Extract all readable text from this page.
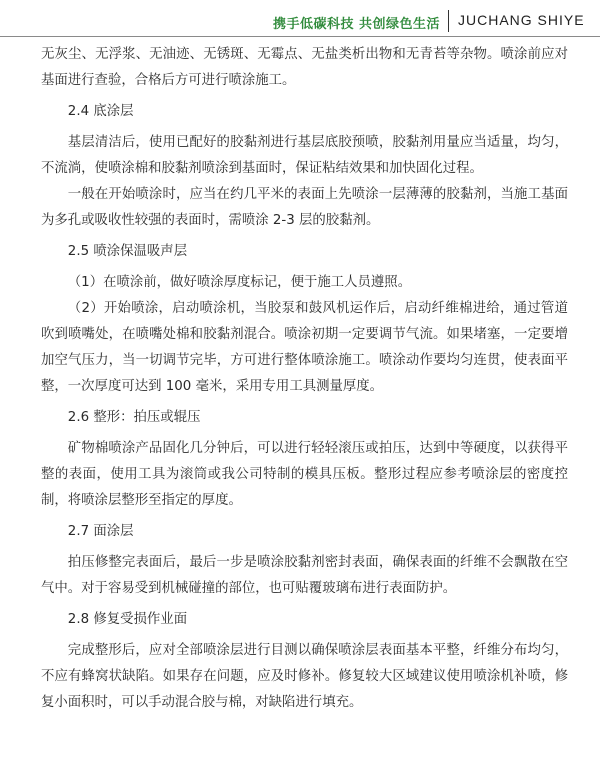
携手低碳科技 共创绿色生活 JUCHANG SHIYE

无灰尘、无浮浆、无油迹、无锈斑、无霉点、无盐类析出物和无青苔等杂物。喷涂前应对基面进行查验，合格后方可进行喷涂施工。

2.4 底涂层

基层清洁后，使用已配好的胶黏剂进行基层底胶预喷，胶黏剂用量应当适量，均匀，不流淌，使喷涂棉和胶黏剂喷涂到基面时，保证粘结效果和加快固化过程。

一般在开始喷涂时，应当在约几平米的表面上先喷涂一层薄薄的胶黏剂，当施工基面为多孔或吸收性较强的表面时，需喷涂 2-3 层的胶黏剂。

2.5 喷涂保温吸声层

（1）在喷涂前，做好喷涂厚度标记，便于施工人员遵照。

（2）开始喷涂，启动喷涂机，当胶泵和鼓风机运作后，启动纤维棉进给，通过管道吹到喷嘴处，在喷嘴处棉和胶黏剂混合。喷涂初期一定要调节气流。如果堵塞，一定要增加空气压力，当一切调节完毕，方可进行整体喷涂施工。喷涂动作要均匀连贯，使表面平整，一次厚度可达到 100 毫米，采用专用工具测量厚度。

2.6 整形：拍压或辊压

矿物棉喷涂产品固化几分钟后，可以进行轻轻滚压或拍压，达到中等硬度，以获得平整的表面，使用工具为滚筒或我公司特制的模具压板。整形过程应参考喷涂层的密度控制，将喷涂层整形至指定的厚度。

2.7 面涂层

拍压修整完表面后，最后一步是喷涂胶黏剂密封表面，确保表面的纤维不会飘散在空气中。对于容易受到机械碰撞的部位，也可贴覆玻璃布进行表面防护。

2.8 修复受损作业面

完成整形后，应对全部喷涂层进行目测以确保喷涂层表面基本平整，纤维分布均匀，不应有蜂窝状缺陷。如果存在问题，应及时修补。修复较大区域建议使用喷涂机补喷，修复小面积时，可以手动混合胶与棉，对缺陷进行填充。
